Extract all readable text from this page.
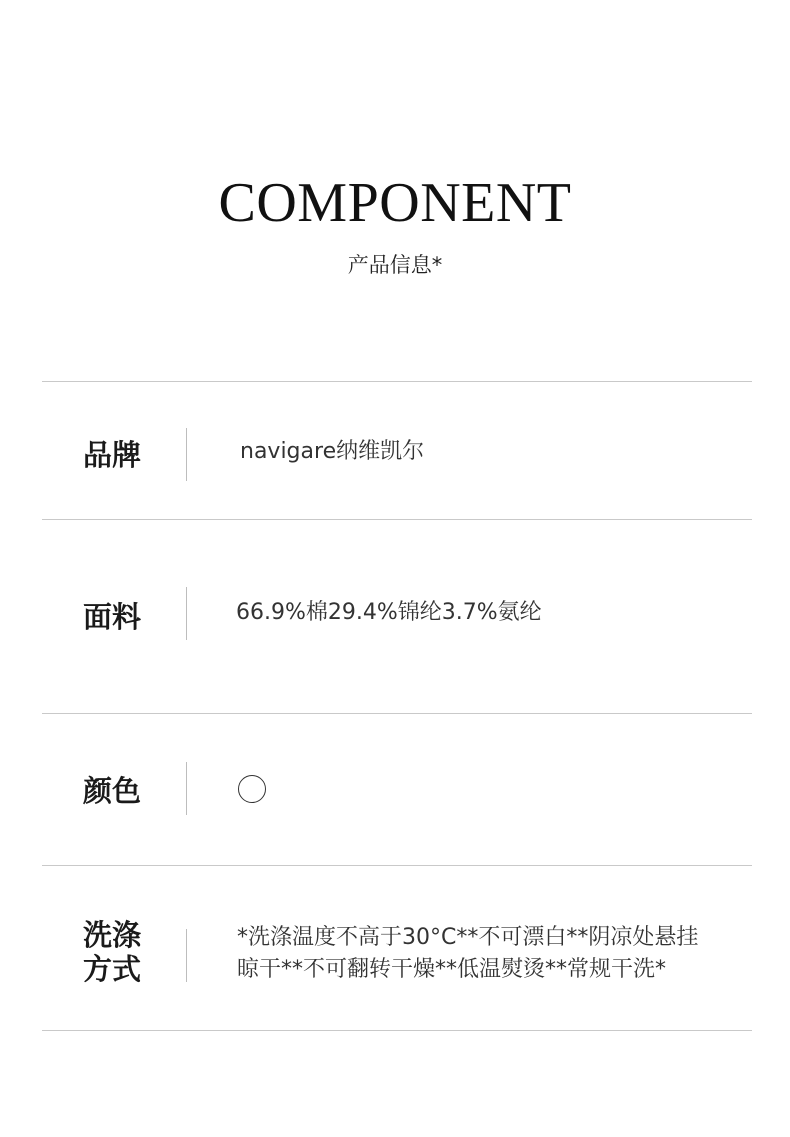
COMPONENT
产品信息*
品牌	navigare纳维凯尔
面料	66.9%棉29.4%锦纶3.7%氨纶
颜色
洗涤
方式
*洗涤温度不高于30°C**不可漂白**阴凉处悬挂
晾干**不可翻转干燥**低温熨烫**常规干洗*
